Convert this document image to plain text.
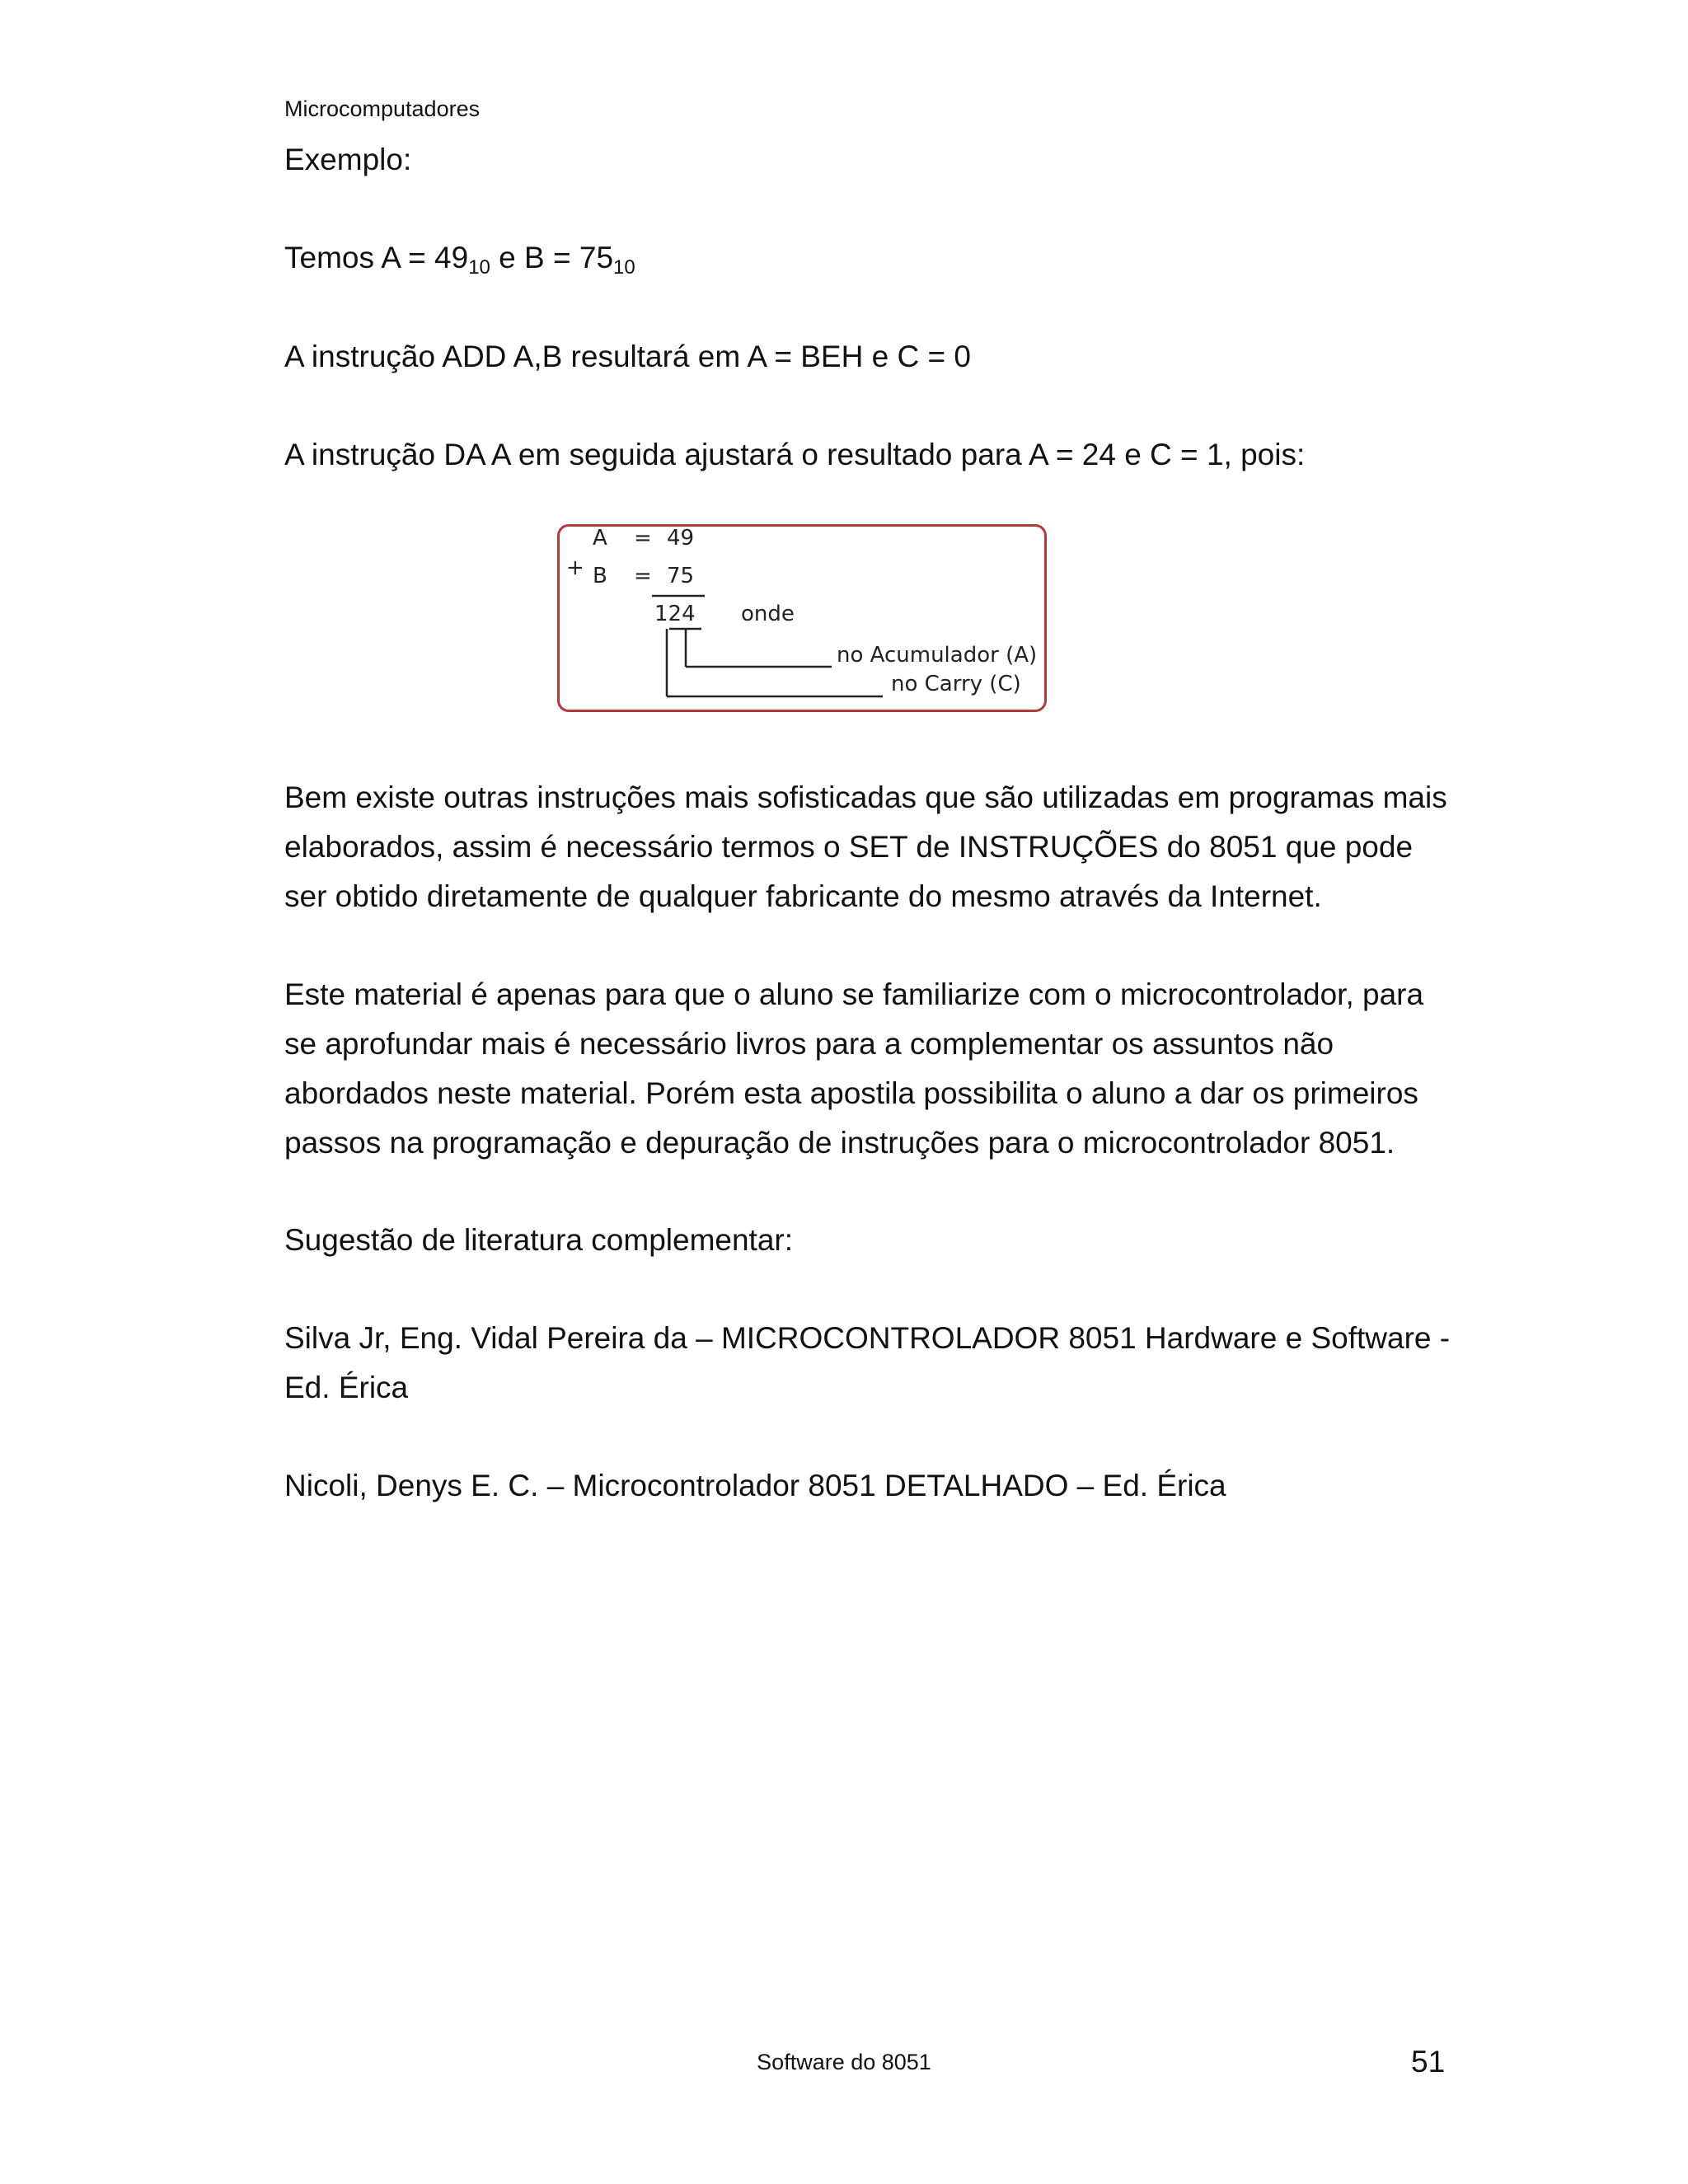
Microcomputadores

Exemplo:

Temos $A = 49_{10}$ e $B = 75_{10}$

A instrução ADD A,B resultará em A = BEH e C = 0

A instrução DA A em seguida ajustará o resultado para A = 24 e C = 1, pois:

+
A = 49
B = 75
124 onde
no Acumulador (A)
no Carry (C)

Bem existe outras instruções mais sofisticadas que são utilizadas em programas mais elaborados, assim é necessário termos o SET de INSTRUÇÕES do 8051 que pode ser obtido diretamente de qualquer fabricante do mesmo através da Internet.

Este material é apenas para que o aluno se familiarize com o microcontrolador, para se aprofundar mais é necessário livros para a complementar os assuntos não abordados neste material. Porém esta apostila possibilita o aluno a dar os primeiros passos na programação e depuração de instruções para o microcontrolador 8051.

Sugestão de literatura complementar:

Silva Jr, Eng. Vidal Pereira da – MICROCONTROLADOR 8051 Hardware e Software - Ed. Érica

Nicoli, Denys E. C. – Microcontrolador 8051 DETALHADO – Ed. Érica

Software do 8051	51
